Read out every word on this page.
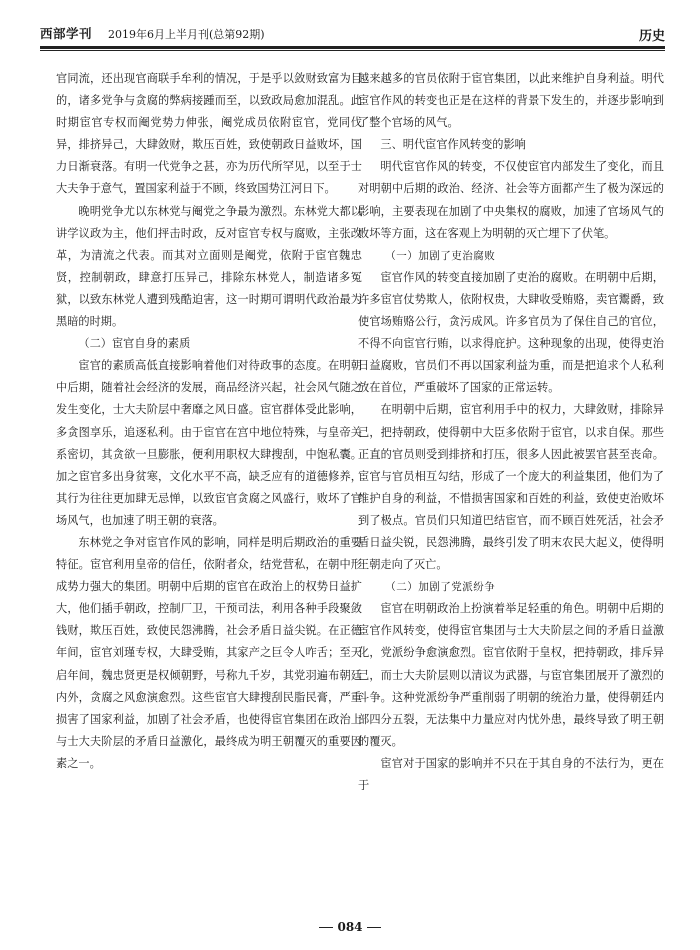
西部学刊 2019年6月上半月刊(总第92期)	历史

官同流，还出现官商联手牟利的情况，于是乎以敛财致富为目的，诸多党争与贪腐的弊病接踵而至，以致政局愈加混乱。此时期宦官专权而阉党势力伸张，阉党成员依附宦官，党同伐异，排挤异己，大肆敛财，欺压百姓，致使朝政日益败坏，国力日渐衰落。有明一代党争之甚，亦为历代所罕见，以至于士大夫争于意气，置国家利益于不顾，终致国势江河日下。

晚明党争尤以东林党与阉党之争最为激烈。东林党大都以讲学议政为主，他们抨击时政，反对宦官专权与腐败，主张改革，为清流之代表。而其对立面则是阉党，依附于宦官魏忠贤，控制朝政，肆意打压异己，排除东林党人，制造诸多冤狱，以致东林党人遭到残酷迫害，这一时期可谓明代政治最为黑暗的时期。

（二）宦官自身的素质

宦官的素质高低直接影响着他们对待政事的态度。在明朝中后期，随着社会经济的发展，商品经济兴起，社会风气随之发生变化，士大夫阶层中奢靡之风日盛。宦官群体受此影响，多贪图享乐，追逐私利。由于宦官在宫中地位特殊，与皇帝关系密切，其贪欲一旦膨胀，便利用职权大肆搜刮，中饱私囊。加之宦官多出身贫寒，文化水平不高，缺乏应有的道德修养，其行为往往更加肆无忌惮，以致宦官贪腐之风盛行，败坏了官场风气，也加速了明王朝的衰落。

东林党之争对宦官作风的影响，同样是明后期政治的重要特征。宦官利用皇帝的信任，依附者众，结党营私，在朝中形成势力强大的集团。明朝中后期的宦官在政治上的权势日益扩大，他们插手朝政，控制厂卫，干预司法，利用各种手段聚敛钱财，欺压百姓，致使民怨沸腾，社会矛盾日益尖锐。在正德年间，宦官刘瑾专权，大肆受贿，其家产之巨令人咋舌；至天启年间，魏忠贤更是权倾朝野，号称九千岁，其党羽遍布朝廷内外，贪腐之风愈演愈烈。这些宦官大肆搜刮民脂民膏，严重损害了国家利益，加剧了社会矛盾，也使得宦官集团在政治上与士大夫阶层的矛盾日益激化，最终成为明王朝覆灭的重要因素之一。

越来越多的官员依附于宦官集团，以此来维护自身利益。明代宦官作风的转变也正是在这样的背景下发生的，并逐步影响到了整个官场的风气。

三、明代宦官作风转变的影响

明代宦官作风的转变，不仅使宦官内部发生了变化，而且对明朝中后期的政治、经济、社会等方面都产生了极为深远的影响，主要表现在加剧了中央集权的腐败，加速了官场风气的败坏等方面，这在客观上为明朝的灭亡埋下了伏笔。

（一）加剧了吏治腐败

宦官作风的转变直接加剧了吏治的腐败。在明朝中后期，许多宦官仗势欺人，依附权贵，大肆收受贿赂，卖官鬻爵，致使官场贿赂公行，贪污成风。许多官员为了保住自己的官位，不得不向宦官行贿，以求得庇护。这种现象的出现，使得吏治日益腐败，官员们不再以国家利益为重，而是把追求个人私利放在首位，严重破坏了国家的正常运转。

在明朝中后期，宦官利用手中的权力，大肆敛财，排除异己，把持朝政，使得朝中大臣多依附于宦官，以求自保。那些正直的官员则受到排挤和打压，很多人因此被罢官甚至丧命。宦官与官员相互勾结，形成了一个庞大的利益集团，他们为了维护自身的利益，不惜损害国家和百姓的利益，致使吏治败坏到了极点。官员们只知道巴结宦官，而不顾百姓死活，社会矛盾日益尖锐，民怨沸腾，最终引发了明末农民大起义，使得明王朝走向了灭亡。

（二）加剧了党派纷争

宦官在明朝政治上扮演着举足轻重的角色。明朝中后期的宦官作风转变，使得宦官集团与士大夫阶层之间的矛盾日益激化，党派纷争愈演愈烈。宦官依附于皇权，把持朝政，排斥异己，而士大夫阶层则以清议为武器，与宦官集团展开了激烈的斗争。这种党派纷争严重削弱了明朝的统治力量，使得朝廷内部四分五裂，无法集中力量应对内忧外患，最终导致了明王朝的覆灭。

宦官对于国家的影响并不只在于其自身的不法行为，更在于

084
